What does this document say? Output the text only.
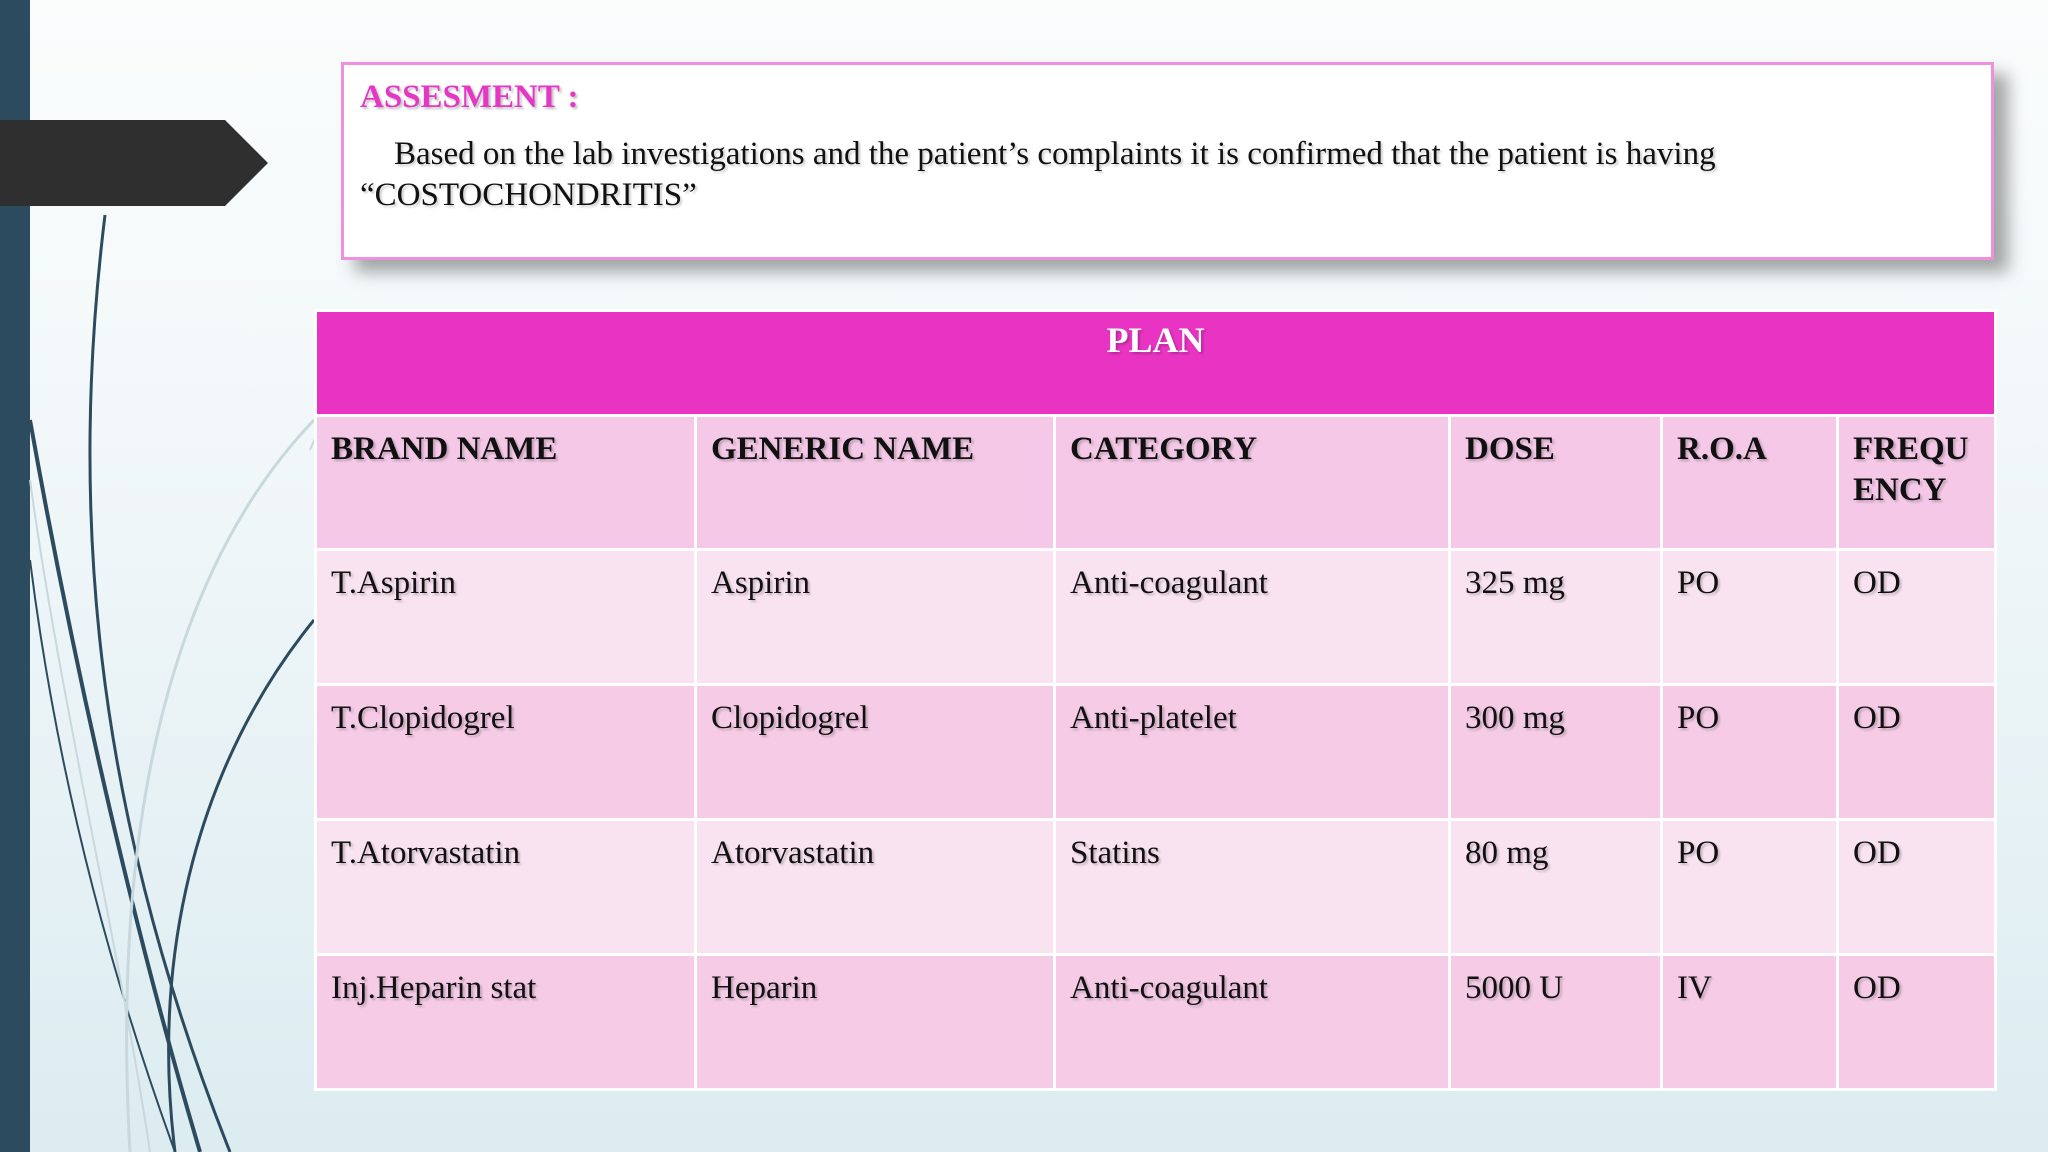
ASSESMENT :
Based on the lab investigations and the patient’s complaints it is confirmed that the patient is having “COSTOCHONDRITIS”
PLAN					
BRAND NAME	GENERIC NAME	CATEGORY	DOSE	R.O.A	FREQU ENCY
T.Aspirin	Aspirin	Anti-coagulant	325 mg	PO	OD
T.Clopidogrel	Clopidogrel	Anti-platelet	300 mg	PO	OD
T.Atorvastatin	Atorvastatin	Statins	80 mg	PO	OD
Inj.Heparin stat	Heparin	Anti-coagulant	5000 U	IV	OD
